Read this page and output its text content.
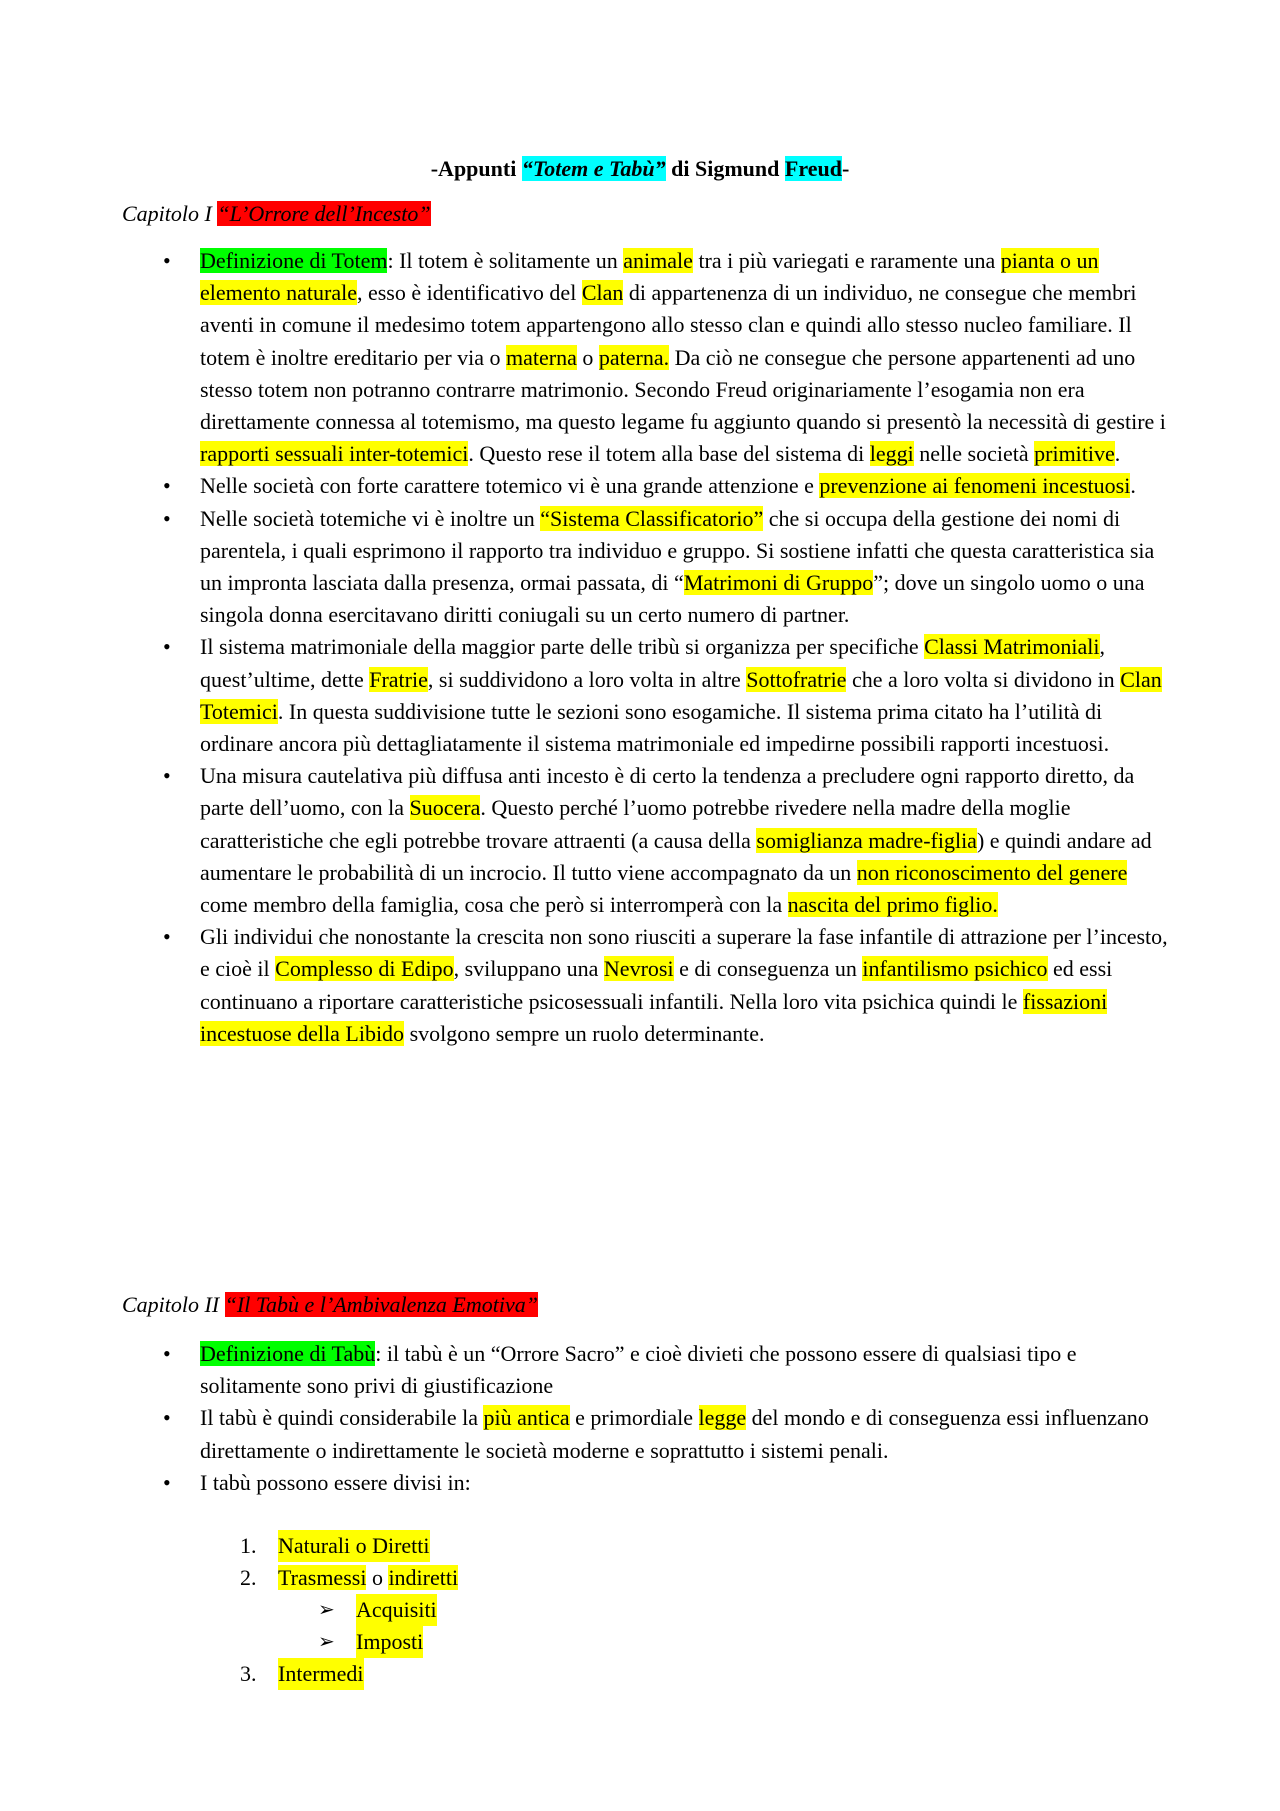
-Appunti “Totem e Tabù” di Sigmund Freud-
Capitolo I “L’Orrore dell’Incesto”
• Definizione di Totem: Il totem è solitamente un animale tra i più variegati e raramente una pianta o un elemento naturale, esso è identificativo del Clan di appartenenza di un individuo, ne consegue che membri aventi in comune il medesimo totem appartengono allo stesso clan e quindi allo stesso nucleo familiare. Il totem è inoltre ereditario per via o materna o paterna. Da ciò ne consegue che persone appartenenti ad uno stesso totem non potranno contrarre matrimonio. Secondo Freud originariamente l’esogamia non era direttamente connessa al totemismo, ma questo legame fu aggiunto quando si presentò la necessità di gestire i rapporti sessuali inter-totemici. Questo rese il totem alla base del sistema di leggi nelle società primitive.
• Nelle società con forte carattere totemico vi è una grande attenzione e prevenzione ai fenomeni incestuosi.
• Nelle società totemiche vi è inoltre un “Sistema Classificatorio” che si occupa della gestione dei nomi di parentela, i quali esprimono il rapporto tra individuo e gruppo. Si sostiene infatti che questa caratteristica sia un impronta lasciata dalla presenza, ormai passata, di “Matrimoni di Gruppo”; dove un singolo uomo o una singola donna esercitavano diritti coniugali su un certo numero di partner.
• Il sistema matrimoniale della maggior parte delle tribù si organizza per specifiche Classi Matrimoniali, quest’ultime, dette Fratrie, si suddividono a loro volta in altre Sottofratrie che a loro volta si dividono in Clan Totemici. In questa suddivisione tutte le sezioni sono esogamiche. Il sistema prima citato ha l’utilità di ordinare ancora più dettagliatamente il sistema matrimoniale ed impedirne possibili rapporti incestuosi.
• Una misura cautelativa più diffusa anti incesto è di certo la tendenza a precludere ogni rapporto diretto, da parte dell’uomo, con la Suocera. Questo perché l’uomo potrebbe rivedere nella madre della moglie caratteristiche che egli potrebbe trovare attraenti (a causa della somiglianza madre-figlia) e quindi andare ad aumentare le probabilità di un incrocio. Il tutto viene accompagnato da un non riconoscimento del genere come membro della famiglia, cosa che però si interromperà con la nascita del primo figlio.
• Gli individui che nonostante la crescita non sono riusciti a superare la fase infantile di attrazione per l’incesto, e cioè il Complesso di Edipo, sviluppano una Nevrosi e di conseguenza un infantilismo psichico ed essi continuano a riportare caratteristiche psicosessuali infantili. Nella loro vita psichica quindi le fissazioni incestuose della Libido svolgono sempre un ruolo determinante.
Capitolo II “Il Tabù e l’Ambivalenza Emotiva”
• Definizione di Tabù: il tabù è un “Orrore Sacro” e cioè divieti che possono essere di qualsiasi tipo e solitamente sono privi di giustificazione
• Il tabù è quindi considerabile la più antica e primordiale legge del mondo e di conseguenza essi influenzano direttamente o indirettamente le società moderne e soprattutto i sistemi penali.
• I tabù possono essere divisi in:
1. Naturali o Diretti
2. Trasmessi o indiretti
➢ Acquisiti
➢ Imposti
3. Intermedi
